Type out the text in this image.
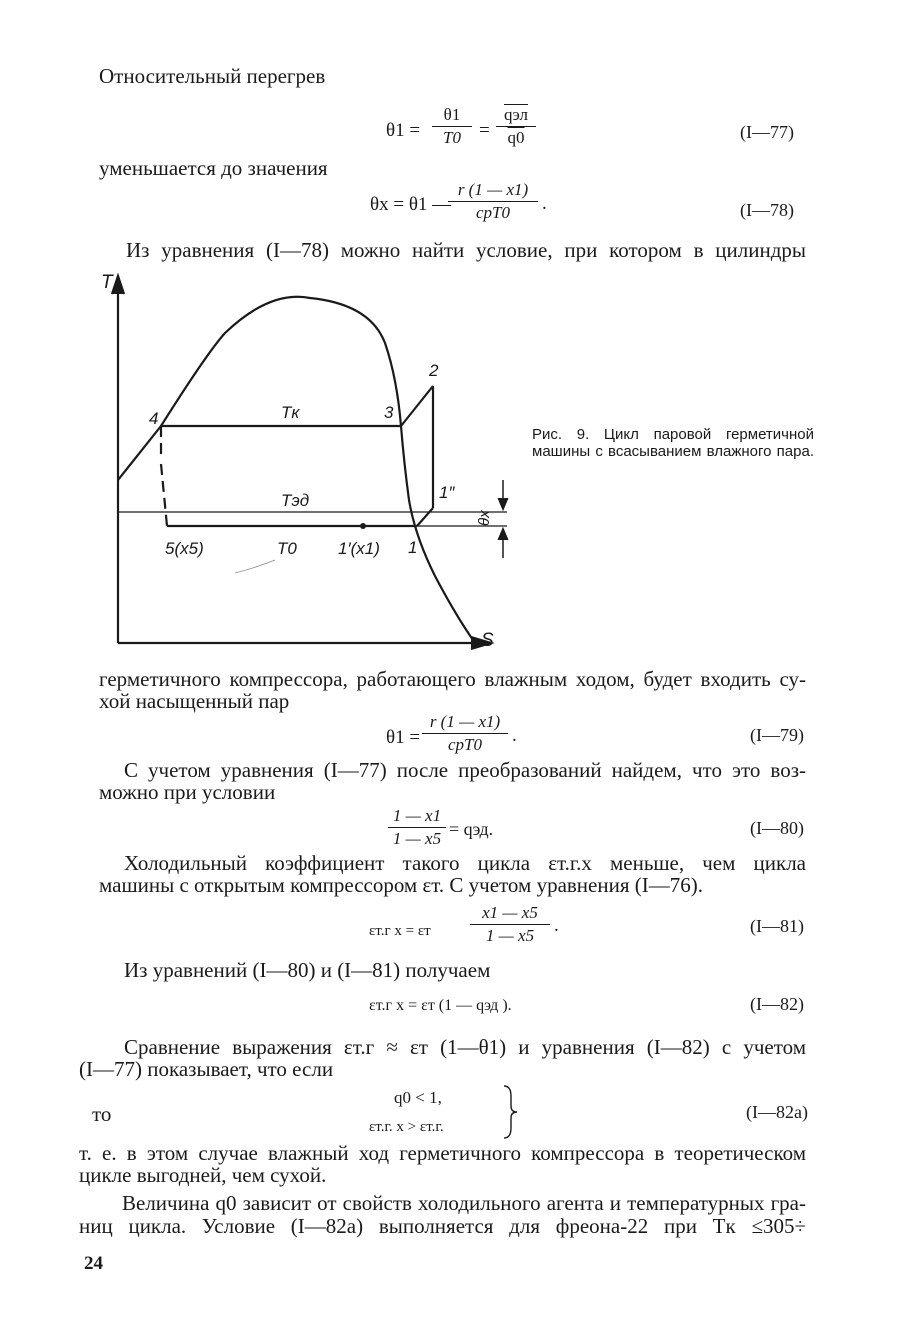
Относительный перегрев
θ1 =
θ1
T0 =
qэл
q0	(I—77)
уменьшается до значения
θx = θ1 —
r (1 — x1)
cpT0	.	(I—78)
Из уравнения (I—78) можно найти условие, при котором в цилиндры
T
S
4	3
2
1″
1
Tк
Tэд
T0
5(x5)	1′(x1)
θx
Рис. 9. Цикл паровой герметичной машины с всасыванием влажного пара.
герметичного компрессора, работающего влажным ходом, будет входить су-
хой насыщенный пар
θ1 =
r (1 — x1)
cpT0	.	(I—79)
С учетом уравнения (I—77) после преобразований найдем, что это воз-
можно при условии
1 — x1
1 — x5 = qэд.	(I—80)
Холодильный коэффициент такого цикла εт.г.x меньше, чем цикла
машины с открытым компрессором εт. С учетом уравнения (I—76).
εт.г x = εт
x1 — x5
1 — x5	.	(I—81)
Из уравнений (I—80) и (I—81) получаем
εт.г x = εт (1 — qэд ).	(I—82)
Сравнение выражения εт.г ≈ εт (1—θ1) и уравнения (I—82) с учетом
(I—77) показывает, что если
то
q0 < 1,
εт.г. x > εт.г.
(I—82а)
т. е. в этом случае влажный ход герметичного компрессора в теоретическом
цикле выгодней, чем сухой.
Величина q0 зависит от свойств холодильного агента и температурных гра-
ниц цикла. Условие (I—82а) выполняется для фреона-22 при Tк ≤305÷
24
